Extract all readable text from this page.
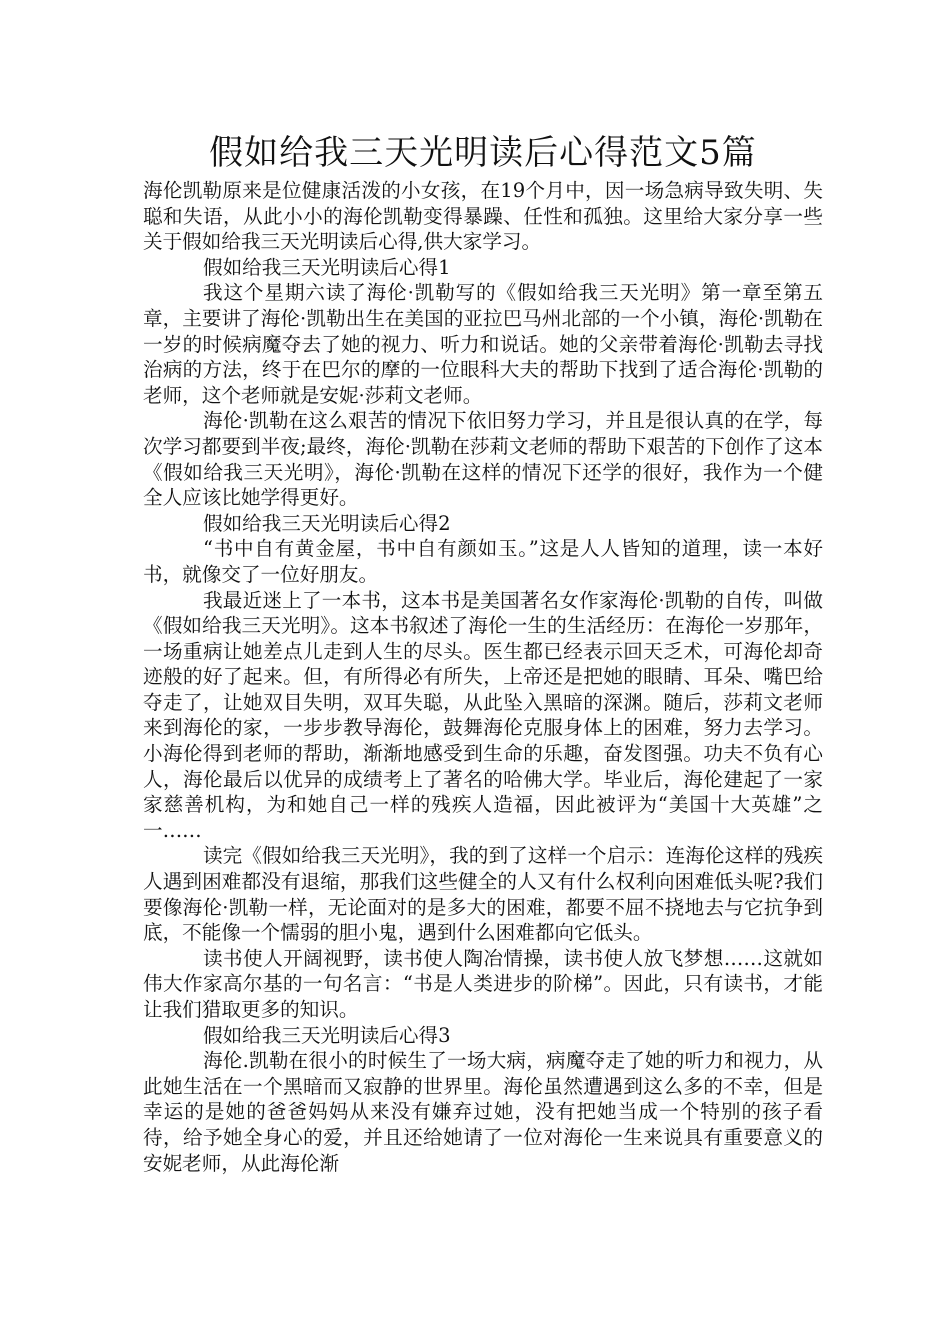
假如给我三天光明读后心得范文5篇

海伦凯勒原来是位健康活泼的小女孩，在19个月中，因一场急病导致失明、失聪和失语，从此小小的海伦凯勒变得暴躁、任性和孤独。这里给大家分享一些关于假如给我三天光明读后心得,供大家学习。

假如给我三天光明读后心得1

我这个星期六读了海伦·凯勒写的《假如给我三天光明》第一章至第五章，主要讲了海伦·凯勒出生在美国的亚拉巴马州北部的一个小镇，海伦·凯勒在一岁的时候病魔夺去了她的视力、听力和说话。她的父亲带着海伦·凯勒去寻找治病的方法，终于在巴尔的摩的一位眼科大夫的帮助下找到了适合海伦·凯勒的老师，这个老师就是安妮·莎莉文老师。

海伦·凯勒在这么艰苦的情况下依旧努力学习，并且是很认真的在学，每次学习都要到半夜;最终，海伦·凯勒在莎莉文老师的帮助下艰苦的下创作了这本《假如给我三天光明》，海伦·凯勒在这样的情况下还学的很好，我作为一个健全人应该比她学得更好。

假如给我三天光明读后心得2

“书中自有黄金屋，书中自有颜如玉。”这是人人皆知的道理，读一本好书，就像交了一位好朋友。

我最近迷上了一本书，这本书是美国著名女作家海伦·凯勒的自传，叫做《假如给我三天光明》。这本书叙述了海伦一生的生活经历：在海伦一岁那年，一场重病让她差点儿走到人生的尽头。医生都已经表示回天乏术，可海伦却奇迹般的好了起来。但，有所得必有所失，上帝还是把她的眼睛、耳朵、嘴巴给夺走了，让她双目失明，双耳失聪，从此坠入黑暗的深渊。随后，莎莉文老师来到海伦的家，一步步教导海伦，鼓舞海伦克服身体上的困难，努力去学习。小海伦得到老师的帮助，渐渐地感受到生命的乐趣，奋发图强。功夫不负有心人，海伦最后以优异的成绩考上了著名的哈佛大学。毕业后，海伦建起了一家家慈善机构，为和她自己一样的残疾人造福，因此被评为“美国十大英雄”之一……

读完《假如给我三天光明》，我的到了这样一个启示：连海伦这样的残疾人遇到困难都没有退缩，那我们这些健全的人又有什么权利向困难低头呢?我们要像海伦·凯勒一样，无论面对的是多大的困难，都要不屈不挠地去与它抗争到底，不能像一个懦弱的胆小鬼，遇到什么困难都向它低头。

读书使人开阔视野，读书使人陶冶情操，读书使人放飞梦想……这就如伟大作家高尔基的一句名言：“书是人类进步的阶梯”。因此，只有读书，才能让我们猎取更多的知识。

假如给我三天光明读后心得3

海伦.凯勒在很小的时候生了一场大病，病魔夺走了她的听力和视力，从此她生活在一个黑暗而又寂静的世界里。海伦虽然遭遇到这么多的不幸，但是幸运的是她的爸爸妈妈从来没有嫌弃过她，没有把她当成一个特别的孩子看待，给予她全身心的爱，并且还给她请了一位对海伦一生来说具有重要意义的安妮老师，从此海伦渐
